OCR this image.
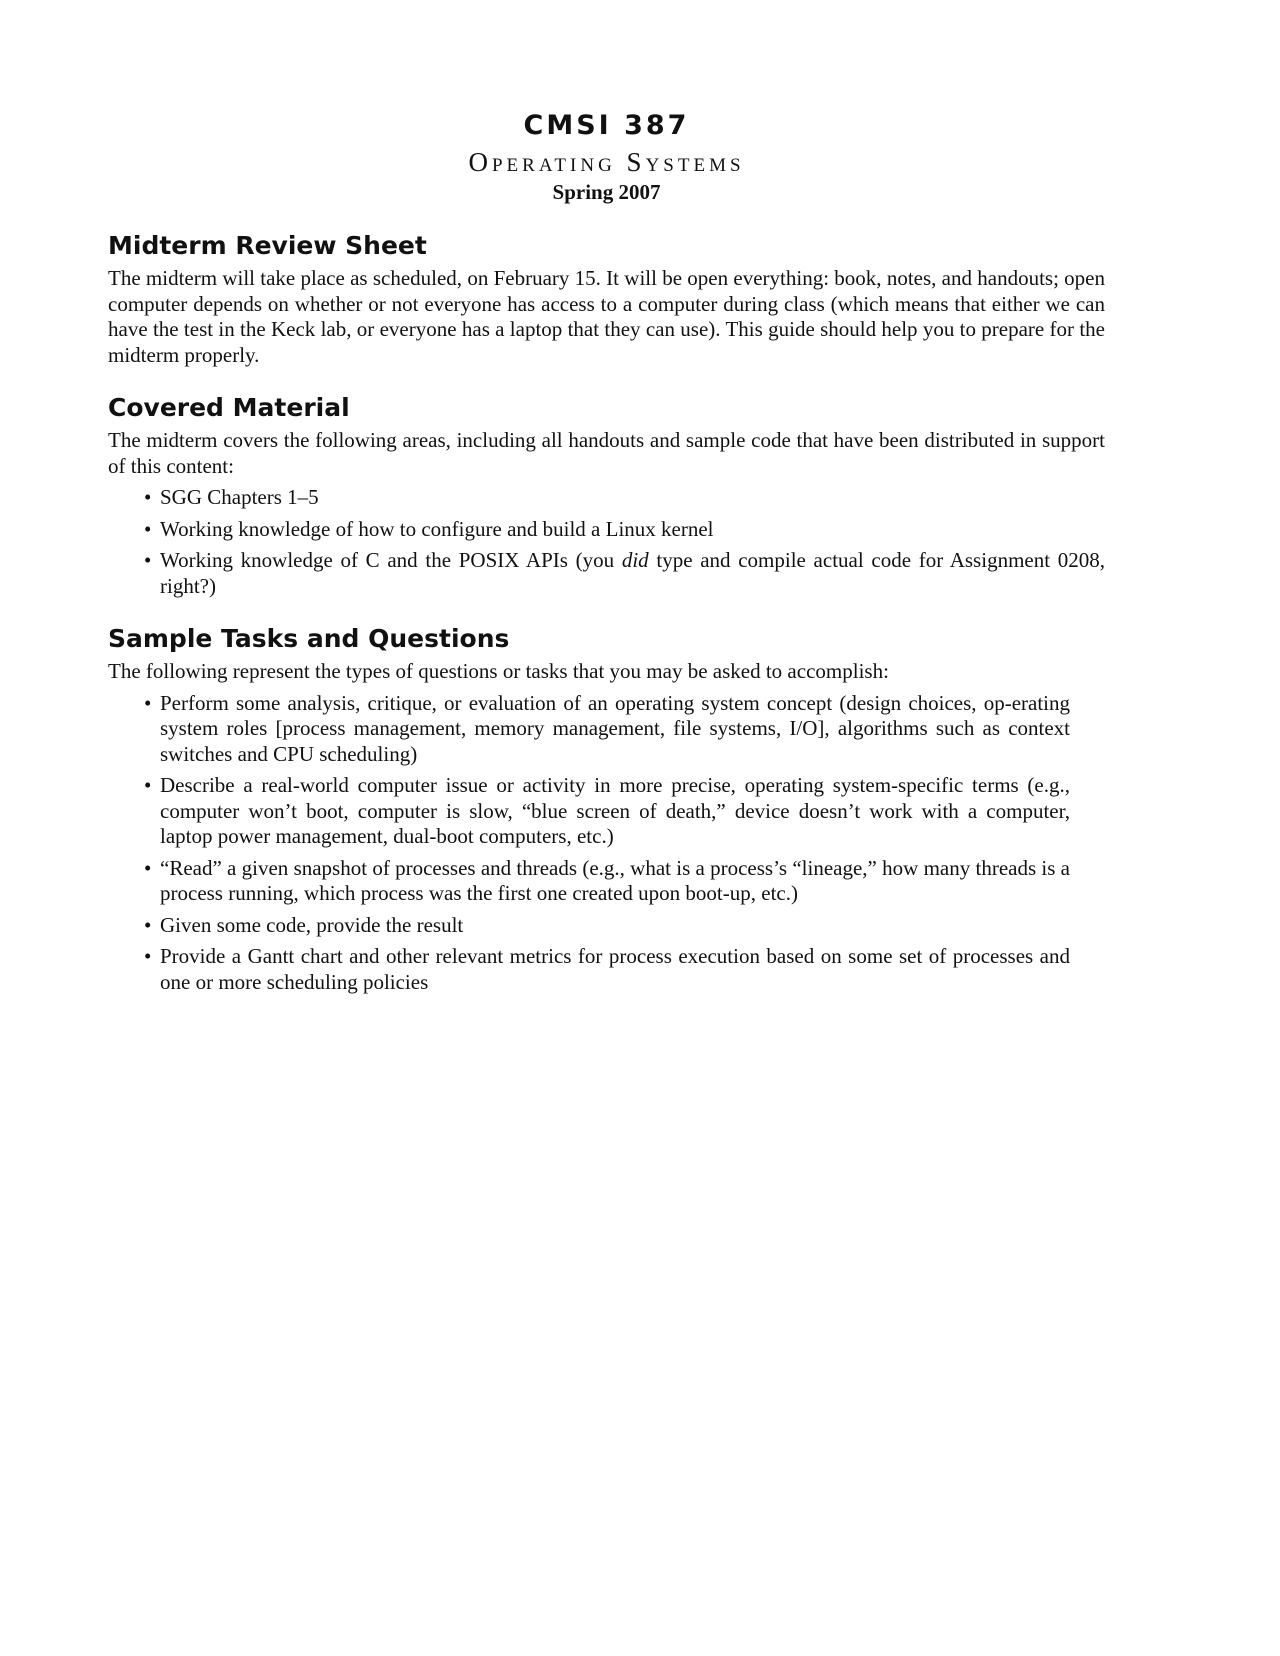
CMSI 387
Operating Systems
Spring 2007
Midterm Review Sheet

The midterm will take place as scheduled, on February 15. It will be open everything: book, notes, and handouts; open computer depends on whether or not everyone has access to a computer during class (which means that either we can have the test in the Keck lab, or everyone has a laptop that they can use). This guide should help you to prepare for the midterm properly.

Covered Material

The midterm covers the following areas, including all handouts and sample code that have been distributed in support of this content:

• SGG Chapters 1–5
• Working knowledge of how to configure and build a Linux kernel
• Working knowledge of C and the POSIX APIs (you did type and compile actual code for Assignment 0208, right?)
Sample Tasks and Questions

The following represent the types of questions or tasks that you may be asked to accomplish:

• Perform some analysis, critique, or evaluation of an operating system concept (design choices, op-erating system roles [process management, memory management, file systems, I/O], algorithms such as context switches and CPU scheduling)
• Describe a real-world computer issue or activity in more precise, operating system-specific terms (e.g., computer won’t boot, computer is slow, “blue screen of death,” device doesn’t work with a computer, laptop power management, dual-boot computers, etc.)
• “Read” a given snapshot of processes and threads (e.g., what is a process’s “lineage,” how many threads is a process running, which process was the first one created upon boot-up, etc.)
• Given some code, provide the result
• Provide a Gantt chart and other relevant metrics for process execution based on some set of processes and one or more scheduling policies
